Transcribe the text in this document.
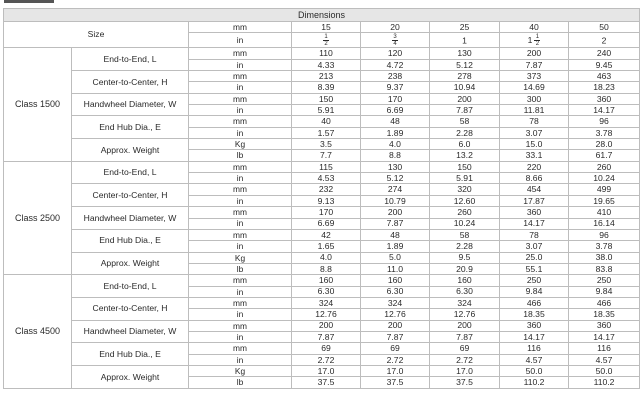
Dimensions							
Size		mm	15	20	25	40	50
		in	$\frac{1}{2}$	$\frac{3}{4}$	1	$1 \frac{1}{2}$	2
Class 1500	End-to-End, L	mm	110	120	130	200	240
		in	4.33	4.72	5.12	7.87	9.45
	Center-to-Center, H	mm	213	238	278	373	463
		in	8.39	9.37	10.94	14.69	18.23
	Handwheel Diameter, W	mm	150	170	200	300	360
		in	5.91	6.69	7.87	11.81	14.17
	End Hub Dia., E	mm	40	48	58	78	96
		in	1.57	1.89	2.28	3.07	3.78
	Approx. Weight	Kg	3.5	4.0	6.0	15.0	28.0
		lb	7.7	8.8	13.2	33.1	61.7
Class 2500	End-to-End, L	mm	115	130	150	220	260
		in	4.53	5.12	5.91	8.66	10.24
	Center-to-Center, H	mm	232	274	320	454	499
		in	9.13	10.79	12.60	17.87	19.65
	Handwheel Diameter, W	mm	170	200	260	360	410
		in	6.69	7.87	10.24	14.17	16.14
	End Hub Dia., E	mm	42	48	58	78	96
		in	1.65	1.89	2.28	3.07	3.78
	Approx. Weight	Kg	4.0	5.0	9.5	25.0	38.0
		lb	8.8	11.0	20.9	55.1	83.8
Class 4500	End-to-End, L	mm	160	160	160	250	250
		in	6.30	6.30	6.30	9.84	9.84
	Center-to-Center, H	mm	324	324	324	466	466
		in	12.76	12.76	12.76	18.35	18.35
	Handwheel Diameter, W	mm	200	200	200	360	360
		in	7.87	7.87	7.87	14.17	14.17
	End Hub Dia., E	mm	69	69	69	116	116
		in	2.72	2.72	2.72	4.57	4.57
	Approx. Weight	Kg	17.0	17.0	17.0	50.0	50.0
		lb	37.5	37.5	37.5	110.2	110.2
